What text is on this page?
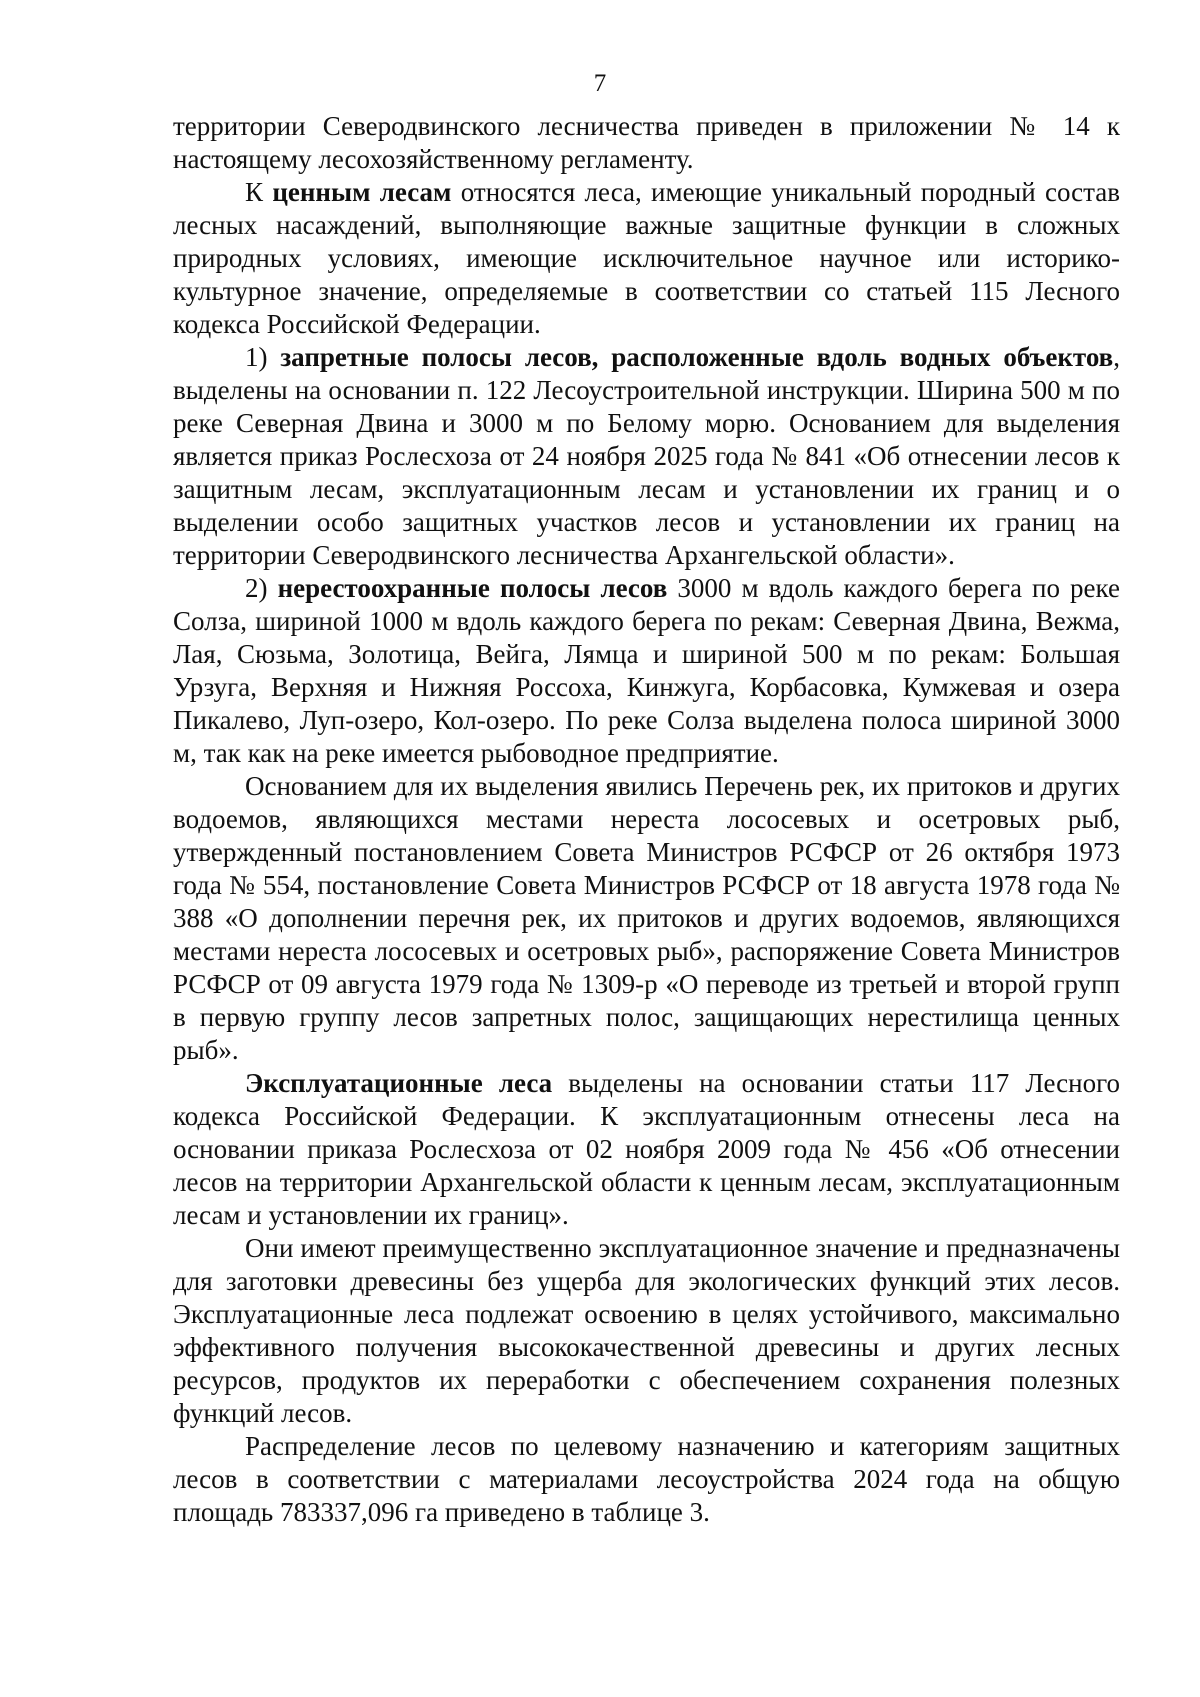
7

территории Северодвинского лесничества приведен в приложении № 14 к настоящему лесохозяйственному регламенту.

К ценным лесам относятся леса, имеющие уникальный породный состав лесных насаждений, выполняющие важные защитные функции в сложных природных условиях, имеющие исключительное научное или историко-культурное значение, определяемые в соответствии со статьей 115 Лесного кодекса Российской Федерации.

1) запретные полосы лесов, расположенные вдоль водных объектов, выделены на основании п. 122 Лесоустроительной инструкции. Ширина 500 м по реке Северная Двина и 3000 м по Белому морю. Основанием для выделения является приказ Рослесхоза от 24 ноября 2025 года № 841 «Об отнесении лесов к защитным лесам, эксплуатационным лесам и установлении их границ и о выделении особо защитных участков лесов и установлении их границ на территории Северодвинского лесничества Архангельской области».

2) нерестоохранные полосы лесов 3000 м вдоль каждого берега по реке Солза, шириной 1000 м вдоль каждого берега по рекам: Северная Двина, Вежма, Лая, Сюзьма, Золотица, Вейга, Лямца и шириной 500 м по рекам: Большая Урзуга, Верхняя и Нижняя Россоха, Кинжуга, Корбасовка, Кумжевая и озера Пикалево, Луп-озеро, Кол-озеро. По реке Солза выделена полоса шириной 3000 м, так как на реке имеется рыбоводное предприятие.

Основанием для их выделения явились Перечень рек, их притоков и других водоемов, являющихся местами нереста лососевых и осетровых рыб, утвержденный постановлением Совета Министров РСФСР от 26 октября 1973 года № 554, постановление Совета Министров РСФСР от 18 августа 1978 года № 388 «О дополнении перечня рек, их притоков и других водоемов, являющихся местами нереста лососевых и осетровых рыб», распоряжение Совета Министров РСФСР от 09 августа 1979 года № 1309-р «О переводе из третьей и второй групп в первую группу лесов запретных полос, защищающих нерестилища ценных рыб».

Эксплуатационные леса выделены на основании статьи 117 Лесного кодекса Российской Федерации. К эксплуатационным отнесены леса на основании приказа Рослесхоза от 02 ноября 2009 года № 456 «Об отнесении лесов на территории Архангельской области к ценным лесам, эксплуатационным лесам и установлении их границ».

Они имеют преимущественно эксплуатационное значение и предназначены для заготовки древесины без ущерба для экологических функций этих лесов. Эксплуатационные леса подлежат освоению в целях устойчивого, максимально эффективного получения высококачественной древесины и других лесных ресурсов, продуктов их переработки с обеспечением сохранения полезных функций лесов.

Распределение лесов по целевому назначению и категориям защитных лесов в соответствии с материалами лесоустройства 2024 года на общую площадь 783337,096 га приведено в таблице 3.
